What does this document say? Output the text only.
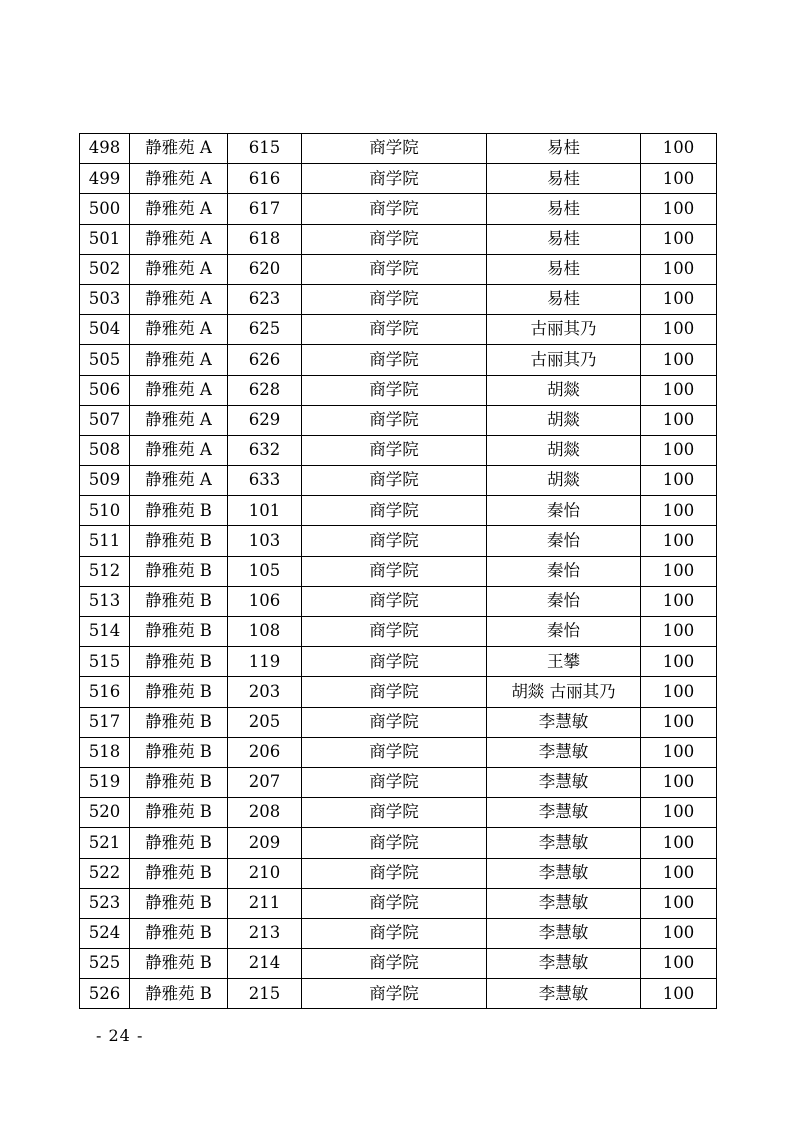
498	静雅苑 A	615	商学院	易桂	100
499	静雅苑 A	616	商学院	易桂	100
500	静雅苑 A	617	商学院	易桂	100
501	静雅苑 A	618	商学院	易桂	100
502	静雅苑 A	620	商学院	易桂	100
503	静雅苑 A	623	商学院	易桂	100
504	静雅苑 A	625	商学院	古丽其乃	100
505	静雅苑 A	626	商学院	古丽其乃	100
506	静雅苑 A	628	商学院	胡燚	100
507	静雅苑 A	629	商学院	胡燚	100
508	静雅苑 A	632	商学院	胡燚	100
509	静雅苑 A	633	商学院	胡燚	100
510	静雅苑 B	101	商学院	秦怡	100
511	静雅苑 B	103	商学院	秦怡	100
512	静雅苑 B	105	商学院	秦怡	100
513	静雅苑 B	106	商学院	秦怡	100
514	静雅苑 B	108	商学院	秦怡	100
515	静雅苑 B	119	商学院	王攀	100
516	静雅苑 B	203	商学院	胡燚 古丽其乃	100
517	静雅苑 B	205	商学院	李慧敏	100
518	静雅苑 B	206	商学院	李慧敏	100
519	静雅苑 B	207	商学院	李慧敏	100
520	静雅苑 B	208	商学院	李慧敏	100
521	静雅苑 B	209	商学院	李慧敏	100
522	静雅苑 B	210	商学院	李慧敏	100
523	静雅苑 B	211	商学院	李慧敏	100
524	静雅苑 B	213	商学院	李慧敏	100
525	静雅苑 B	214	商学院	李慧敏	100
526	静雅苑 B	215	商学院	李慧敏	100
- 24 -
